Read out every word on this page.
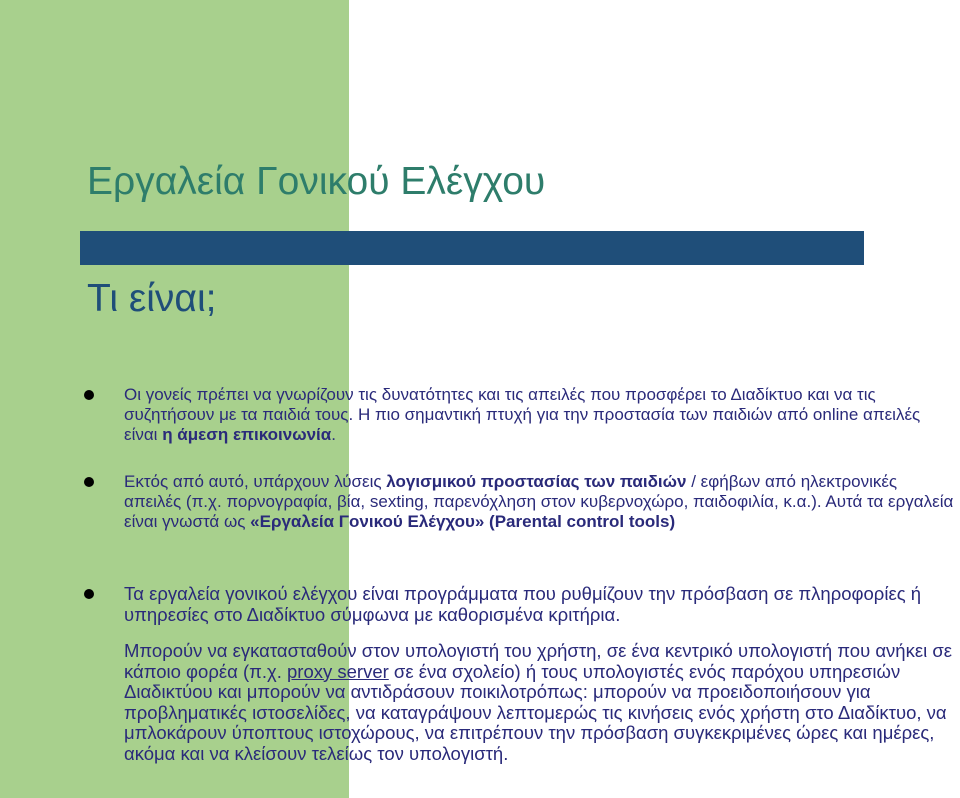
Εργαλεία Γονικού Ελέγχου
Τι είναι;

Οι γονείς πρέπει να γνωρίζουν τις δυνατότητες και τις απειλές που προσφέρει το Διαδίκτυο και να τις συζητήσουν με τα παιδιά τους. Η πιο σημαντική πτυχή για την προστασία των παιδιών από online απειλές είναι η άμεση επικοινωνία.

Εκτός από αυτό, υπάρχουν λύσεις λογισμικού προστασίας των παιδιών / εφήβων από ηλεκτρονικές απειλές (π.χ. πορνογραφία, βία, sexting, παρενόχληση στον κυβερνοχώρο, παιδοφιλία, κ.α.). Αυτά τα εργαλεία είναι γνωστά ως «Εργαλεία Γονικού Ελέγχου» (Parental control tools)

Τα εργαλεία γονικού ελέγχου είναι προγράμματα που ρυθμίζουν την πρόσβαση σε πληροφορίες ή υπηρεσίες στο Διαδίκτυο σύμφωνα με καθορισμένα κριτήρια.

Μπορούν να εγκατασταθούν στον υπολογιστή του χρήστη, σε ένα κεντρικό υπολογιστή που ανήκει σε κάποιο φορέα (π.χ. proxy server σε ένα σχολείο) ή τους υπολογιστές ενός παρόχου υπηρεσιών Διαδικτύου και μπορούν να αντιδράσουν ποικιλοτρόπως: μπορούν να προειδοποιήσουν για προβληματικές ιστοσελίδες, να καταγράψουν λεπτομερώς τις κινήσεις ενός χρήστη στο Διαδίκτυο, να μπλοκάρουν ύποπτους ιστοχώρους, να επιτρέπουν την πρόσβαση συγκεκριμένες ώρες και ημέρες, ακόμα και να κλείσουν τελείως τον υπολογιστή.
